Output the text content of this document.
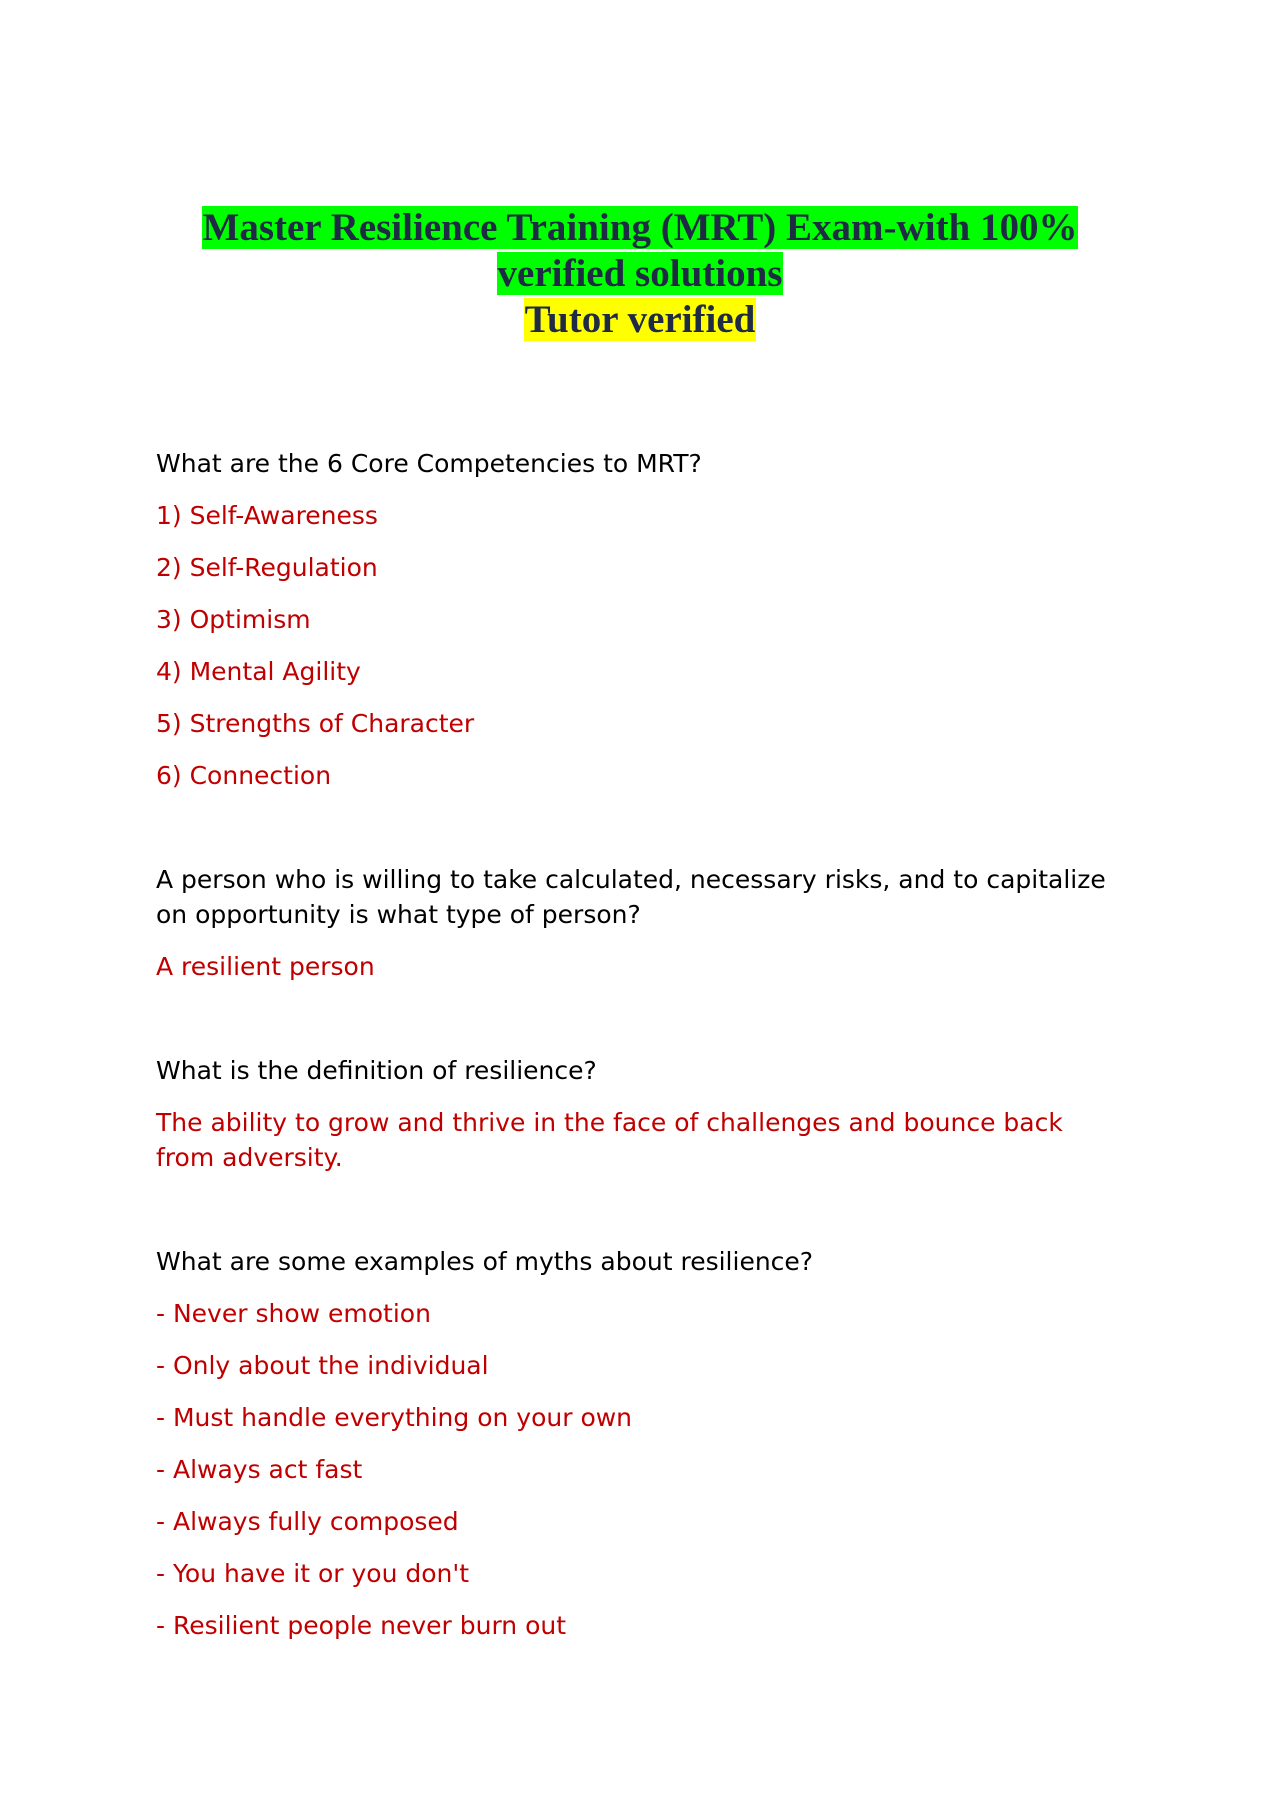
Master Resilience Training (MRT) Exam-with 100%
verified solutions
Tutor verified

What are the 6 Core Competencies to MRT?

1) Self-Awareness
2) Self-Regulation
3) Optimism
4) Mental Agility
5) Strengths of Character
6) Connection

A person who is willing to take calculated, necessary risks, and to capitalize on opportunity is what type of person?

A resilient person

What is the definition of resilience?

The ability to grow and thrive in the face of challenges and bounce back from adversity.

What are some examples of myths about resilience?

- Never show emotion
- Only about the individual
- Must handle everything on your own
- Always act fast
- Always fully composed
- You have it or you don't
- Resilient people never burn out
